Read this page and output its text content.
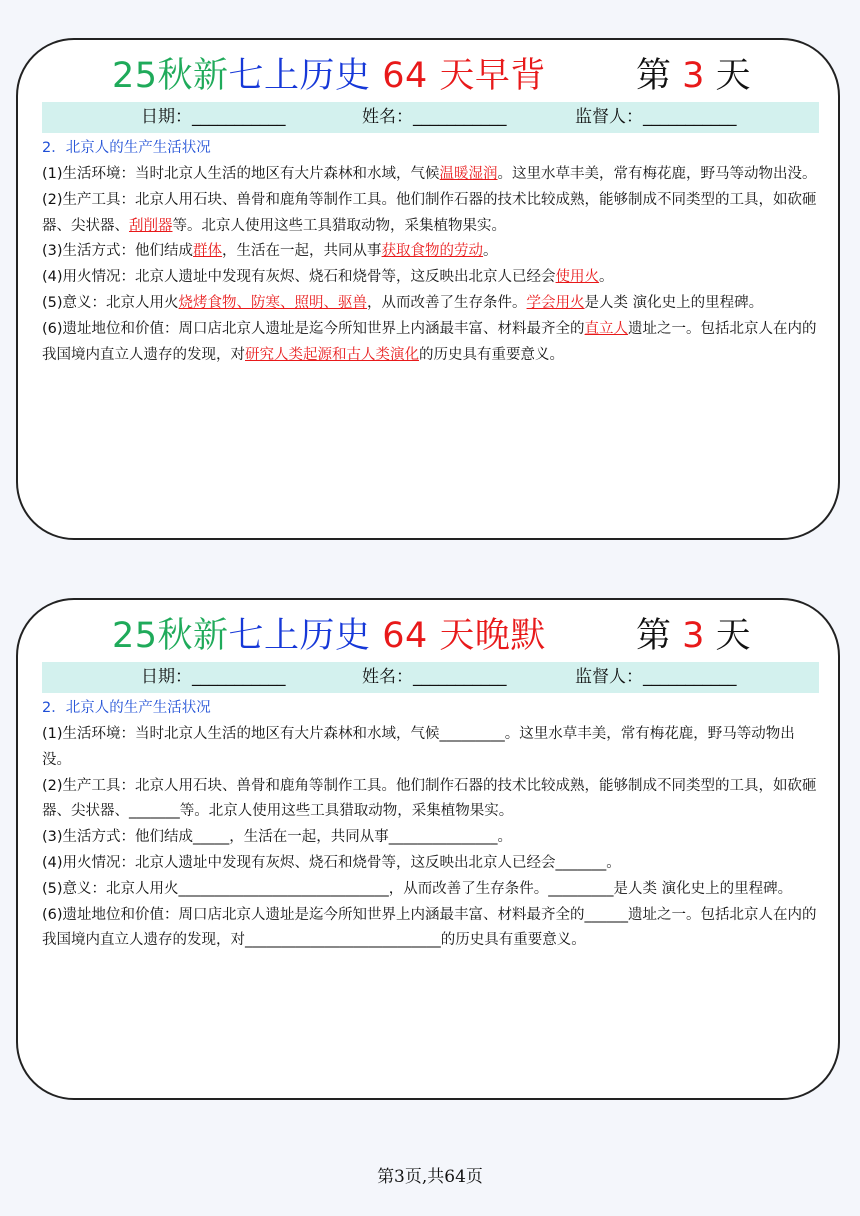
25秋新七上历史 64 天早背	第 3 天
日期：___________	姓名：___________	监督人：___________
2．北京人的生产生活状况

(1)生活环境：当时北京人生活的地区有大片森林和水域，气候温暖湿润。这里水草丰美，常有梅花鹿，野马等动物出没。

(2)生产工具：北京人用石块、兽骨和鹿角等制作工具。他们制作石器的技术比较成熟，能够制成不同类型的工具，如砍砸器、尖状器、刮削器等。北京人使用这些工具猎取动物，采集植物果实。

(3)生活方式：他们结成群体，生活在一起，共同从事获取食物的劳动。

(4)用火情况：北京人遗址中发现有灰烬、烧石和烧骨等，这反映出北京人已经会使用火。

(5)意义：北京人用火烧烤食物、防寒、照明、驱兽，从而改善了生存条件。学会用火是人类 演化史上的里程碑。

(6)遗址地位和价值：周口店北京人遗址是迄今所知世界上内涵最丰富、材料最齐全的直立人遗址之一。包括北京人在内的我国境内直立人遗存的发现，对研究人类起源和古人类演化的历史具有重要意义。

25秋新七上历史 64 天晚默	第 3 天
日期：___________	姓名：___________	监督人：___________
2．北京人的生产生活状况

(1)生活环境：当时北京人生活的地区有大片森林和水域，气候_________。这里水草丰美，常有梅花鹿，野马等动物出没。

(2)生产工具：北京人用石块、兽骨和鹿角等制作工具。他们制作石器的技术比较成熟，能够制成不同类型的工具，如砍砸器、尖状器、_______等。北京人使用这些工具猎取动物，采集植物果实。

(3)生活方式：他们结成_____，生活在一起，共同从事_______________。

(4)用火情况：北京人遗址中发现有灰烬、烧石和烧骨等，这反映出北京人已经会_______。

(5)意义：北京人用火_____________________________，从而改善了生存条件。_________是人类 演化史上的里程碑。

(6)遗址地位和价值：周口店北京人遗址是迄今所知世界上内涵最丰富、材料最齐全的______遗址之一。包括北京人在内的我国境内直立人遗存的发现，对___________________________的历史具有重要意义。

第3页,共64页
